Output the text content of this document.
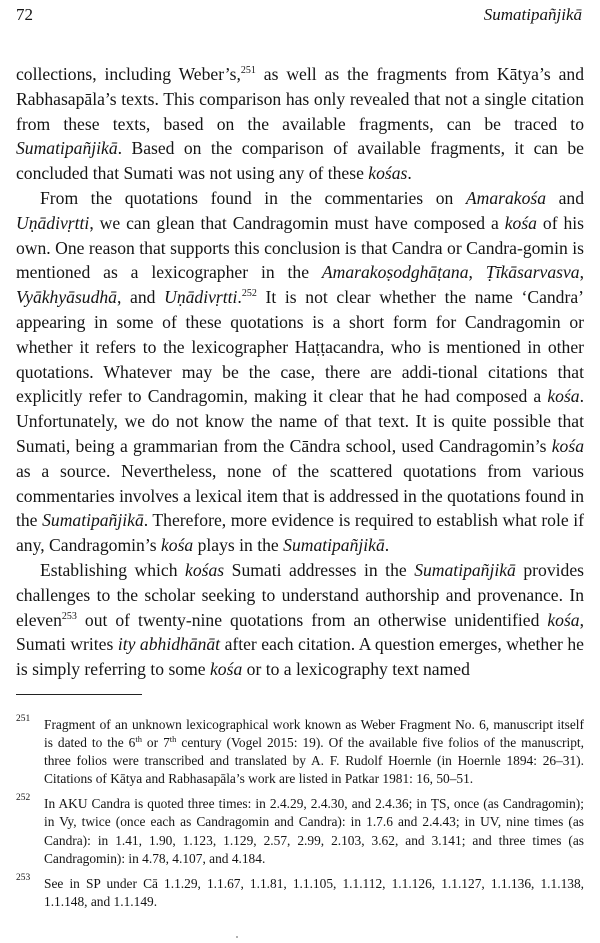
72	Sumatipañjikā

collections, including Weber’s,$^{251}$ as well as the fragments from Kātya’s and Rabhasapāla’s texts. This comparison has only revealed that not a single citation from these texts, based on the available fragments, can be traced to Sumatipañjikā. Based on the comparison of available fragments, it can be concluded that Sumati was not using any of these kośas.

From the quotations found in the commentaries on Amarakośa and Uṇādivṛtti, we can glean that Candragomin must have composed a kośa of his own. One reason that supports this conclusion is that Candra or Candra-gomin is mentioned as a lexicographer in the Amarakoṣodghāṭana, Ṭīkāsarvasva, Vyākhyāsudhā, and Uṇādivṛtti.$^{252}$ It is not clear whether the name ‘Candra’ appearing in some of these quotations is a short form for Candragomin or whether it refers to the lexicographer Haṭṭacandra, who is mentioned in other quotations. Whatever may be the case, there are addi-tional citations that explicitly refer to Candragomin, making it clear that he had composed a kośa. Unfortunately, we do not know the name of that text. It is quite possible that Sumati, being a grammarian from the Cāndra school, used Candragomin’s kośa as a source. Nevertheless, none of the scattered quotations from various commentaries involves a lexical item that is addressed in the quotations found in the Sumatipañjikā. Therefore, more evidence is required to establish what role if any, Candragomin’s kośa plays in the Sumatipañjikā.

Establishing which kośas Sumati addresses in the Sumatipañjikā provides challenges to the scholar seeking to understand authorship and provenance. In eleven$^{253}$ out of twenty-nine quotations from an otherwise unidentified kośa, Sumati writes ity abhidhānāt after each citation. A question emerges, whether he is simply referring to some kośa or to a lexicography text named

251 Fragment of an unknown lexicographical work known as Weber Fragment No. 6, manuscript itself is dated to the 6th or 7th century (Vogel 2015: 19). Of the available five folios of the manuscript, three folios were transcribed and translated by A. F. Rudolf Hoernle (in Hoernle 1894: 26–31). Citations of Kātya and Rabhasapāla’s work are listed in Patkar 1981: 16, 50–51.
252 In AKU Candra is quoted three times: in 2.4.29, 2.4.30, and 2.4.36; in ṬS, once (as Candragomin); in Vy, twice (once each as Candragomin and Candra): in 1.7.6 and 2.4.43; in UV, nine times (as Candra): in 1.41, 1.90, 1.123, 1.129, 2.57, 2.99, 2.103, 3.62, and 3.141; and three times (as Candragomin): in 4.78, 4.107, and 4.184.
253 See in SP under Cā 1.1.29, 1.1.67, 1.1.81, 1.1.105, 1.1.112, 1.1.126, 1.1.127, 1.1.136, 1.1.138, 1.1.148, and 1.1.149.
